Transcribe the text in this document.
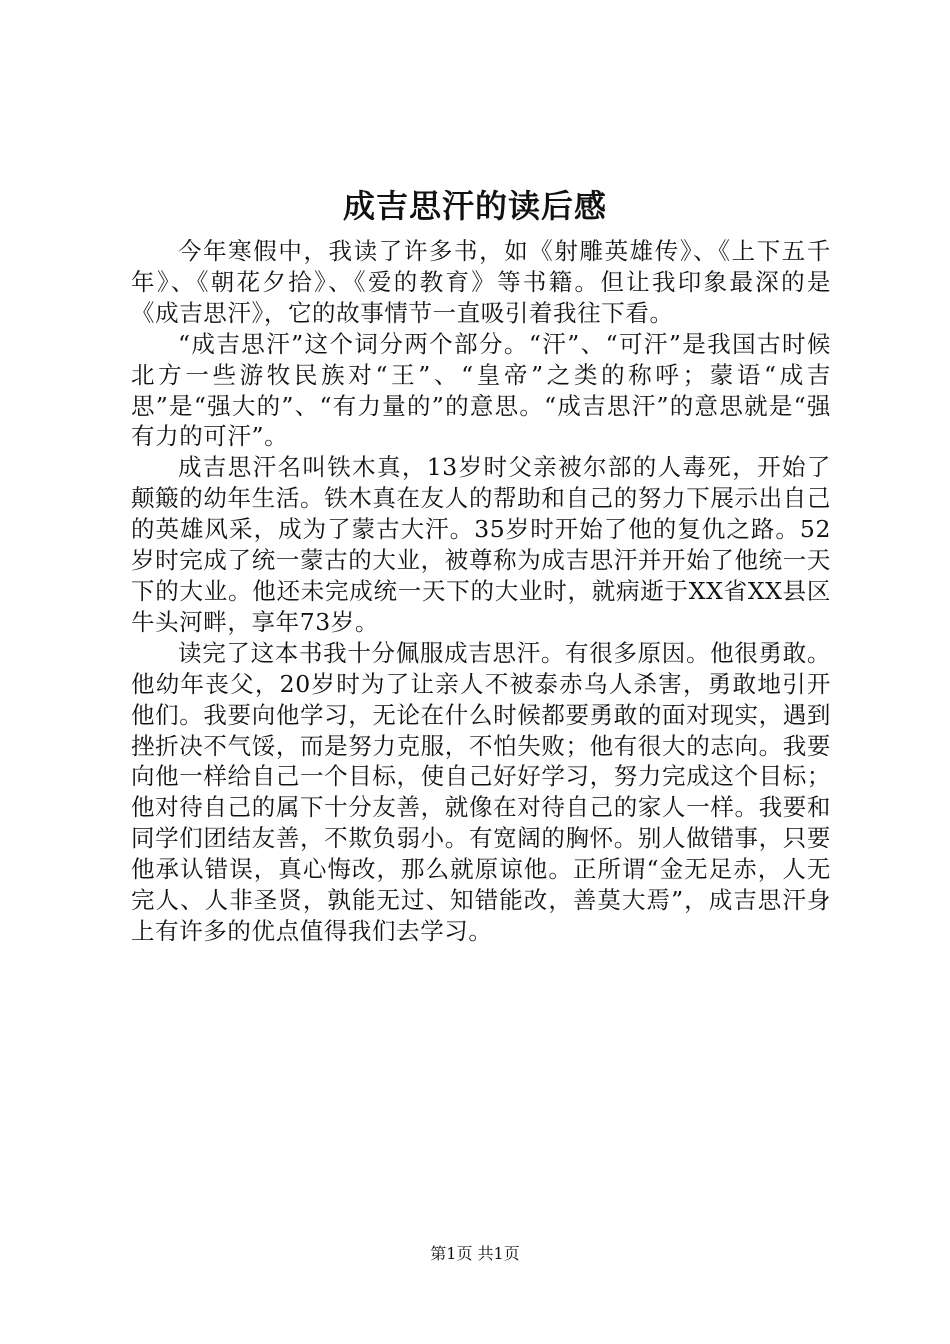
成吉思汗的读后感

今年寒假中，我读了许多书，如《射雕英雄传》、《上下五千年》、《朝花夕拾》、《爱的教育》等书籍。但让我印象最深的是《成吉思汗》，它的故事情节一直吸引着我往下看。

“成吉思汗”这个词分两个部分。“汗”、“可汗”是我国古时候北方一些游牧民族对“王”、“皇帝”之类的称呼；蒙语“成吉思”是“强大的”、“有力量的”的意思。“成吉思汗”的意思就是“强有力的可汗”。

成吉思汗名叫铁木真，13岁时父亲被尔部的人毒死，开始了颠簸的幼年生活。铁木真在友人的帮助和自己的努力下展示出自己的英雄风采，成为了蒙古大汗。35岁时开始了他的复仇之路。52岁时完成了统一蒙古的大业，被尊称为成吉思汗并开始了他统一天下的大业。他还未完成统一天下的大业时，就病逝于XX省XX县区牛头河畔，享年73岁。

读完了这本书我十分佩服成吉思汗。有很多原因。他很勇敢。他幼年丧父，20岁时为了让亲人不被泰赤乌人杀害，勇敢地引开他们。我要向他学习，无论在什么时候都要勇敢的面对现实，遇到挫折决不气馁，而是努力克服，不怕失败；他有很大的志向。我要向他一样给自己一个目标，使自己好好学习，努力完成这个目标；他对待自己的属下十分友善，就像在对待自己的家人一样。我要和同学们团结友善，不欺负弱小。有宽阔的胸怀。别人做错事，只要他承认错误，真心悔改，那么就原谅他。正所谓“金无足赤，人无完人、人非圣贤，孰能无过、知错能改，善莫大焉”，成吉思汗身上有许多的优点值得我们去学习。

第1页 共1页
